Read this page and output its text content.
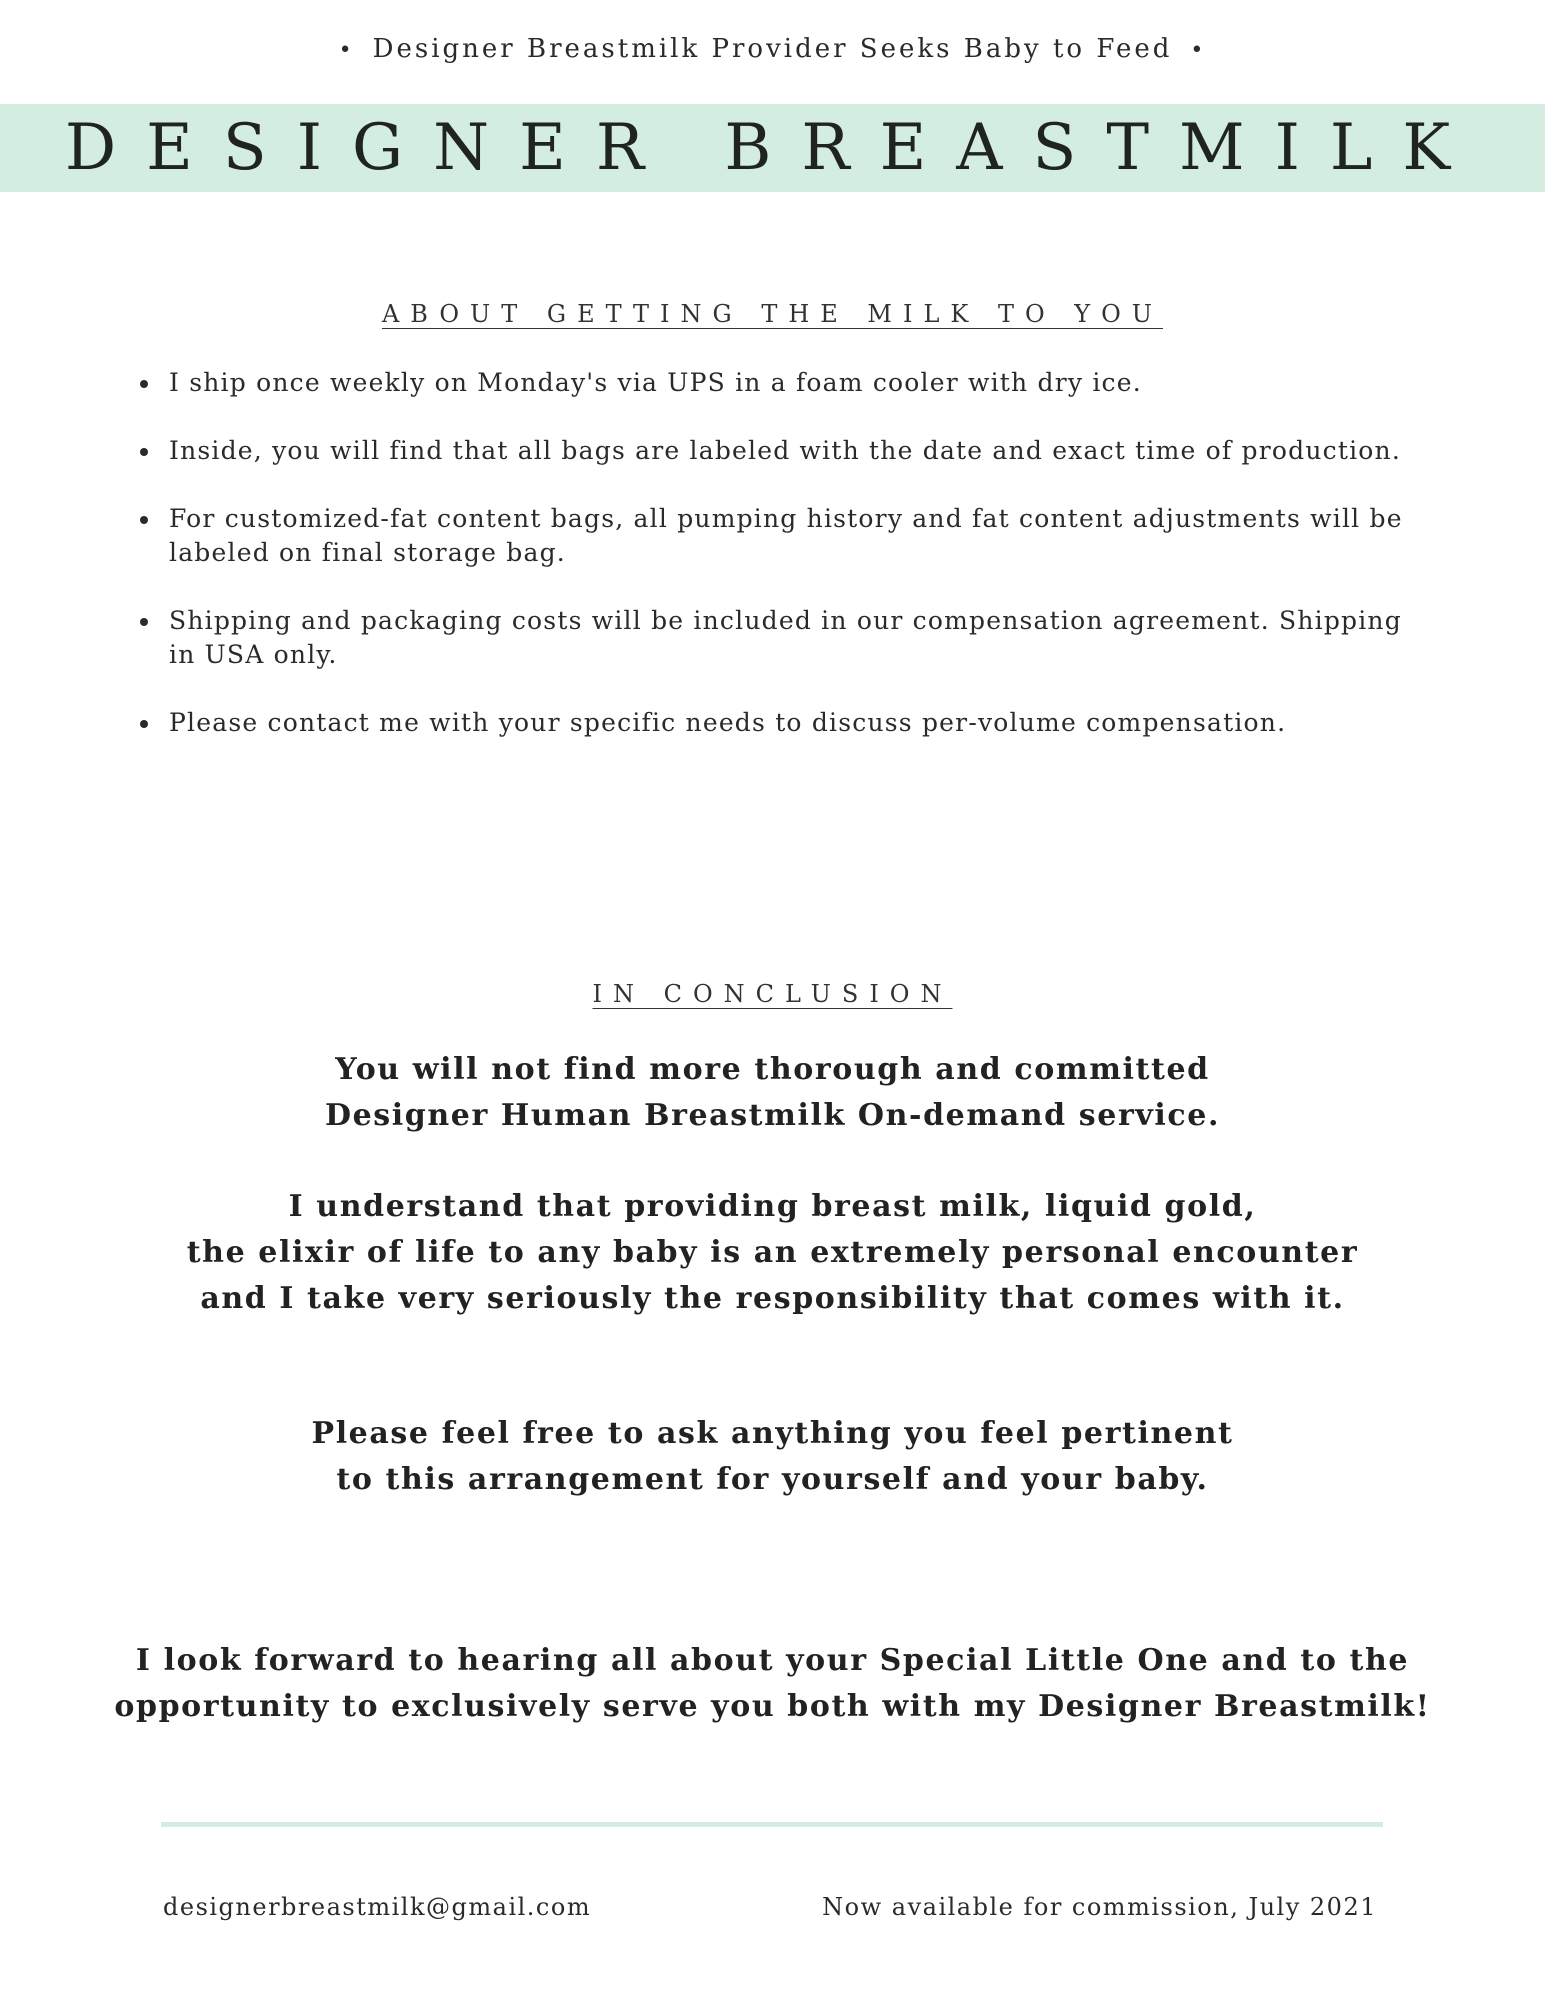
• Designer Breastmilk Provider Seeks Baby to Feed •
DESIGNER BREASTMILK
ABOUT GETTING THE MILK TO YOU
I ship once weekly on Monday's via UPS in a foam cooler with dry ice.
Inside, you will find that all bags are labeled with the date and exact time of production.
For customized-fat content bags, all pumping history and fat content adjustments will be labeled on final storage bag.
Shipping and packaging costs will be included in our compensation agreement. Shipping in USA only.
Please contact me with your specific needs to discuss per-volume compensation.
IN CONCLUSION

You will not find more thorough and committed

Designer Human Breastmilk On-demand service.

I understand that providing breast milk, liquid gold,

the elixir of life to any baby is an extremely personal encounter

and I take very seriously the responsibility that comes with it.

Please feel free to ask anything you feel pertinent

to this arrangement for yourself and your baby.

I look forward to hearing all about your Special Little One and to the

opportunity to exclusively serve you both with my Designer Breastmilk!

designerbreastmilk@gmail.com	Now available for commission, July 2021
